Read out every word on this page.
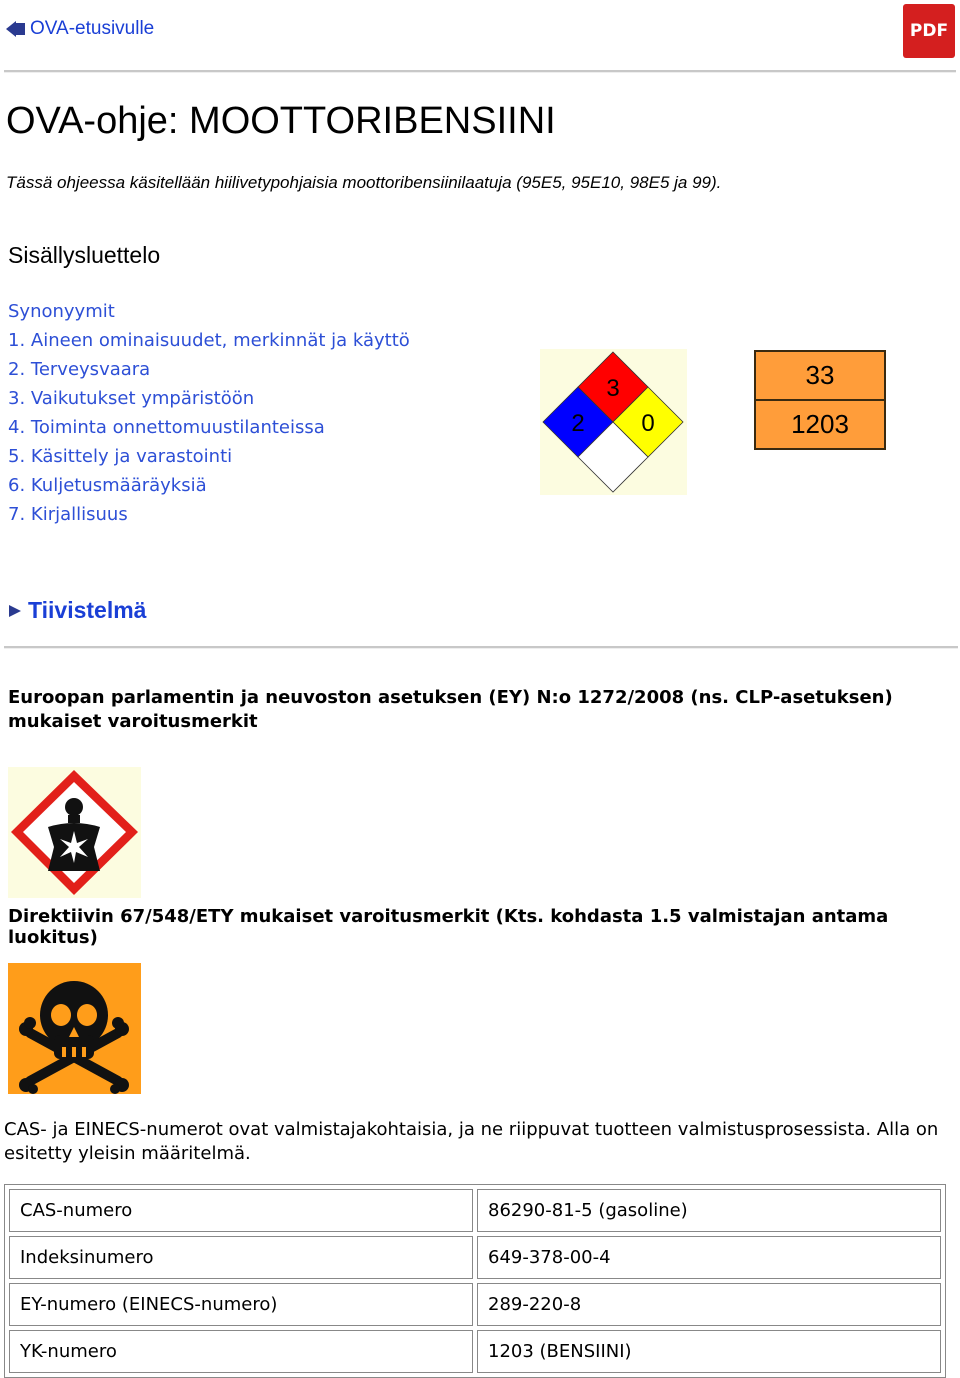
OVA-etusivulle	PDF
OVA-ohje: MOOTTORIBENSIINI
Tässä ohjeessa käsitellään hiilivetypohjaisia moottoribensiinilaatuja (95E5, 95E10, 98E5 ja 99).
Sisällysluettelo
Synonyymit
1. Aineen ominaisuudet, merkinnät ja käyttö
2. Terveysvaara
3. Vaikutukset ympäristöön
4. Toiminta onnettomuustilanteissa
5. Käsittely ja varastointi
6. Kuljetusmääräyksiä
7. Kirjallisuus
3
2 0
33
1203
Tiivistelmä
Euroopan parlamentin ja neuvoston asetuksen (EY) N:o 1272/2008 (ns. CLP-asetuksen) mukaiset varoitusmerkit
Direktiivin 67/548/ETY mukaiset varoitusmerkit (Kts. kohdasta 1.5 valmistajan antama luokitus)
CAS- ja EINECS-numerot ovat valmistajakohtaisia, ja ne riippuvat tuotteen valmistusprosessista. Alla on esitetty yleisin määritelmä.
CAS-numero	86290-81-5 (gasoline)
Indeksinumero	649-378-00-4
EY-numero (EINECS-numero)	289-220-8
YK-numero	1203 (BENSIINI)
